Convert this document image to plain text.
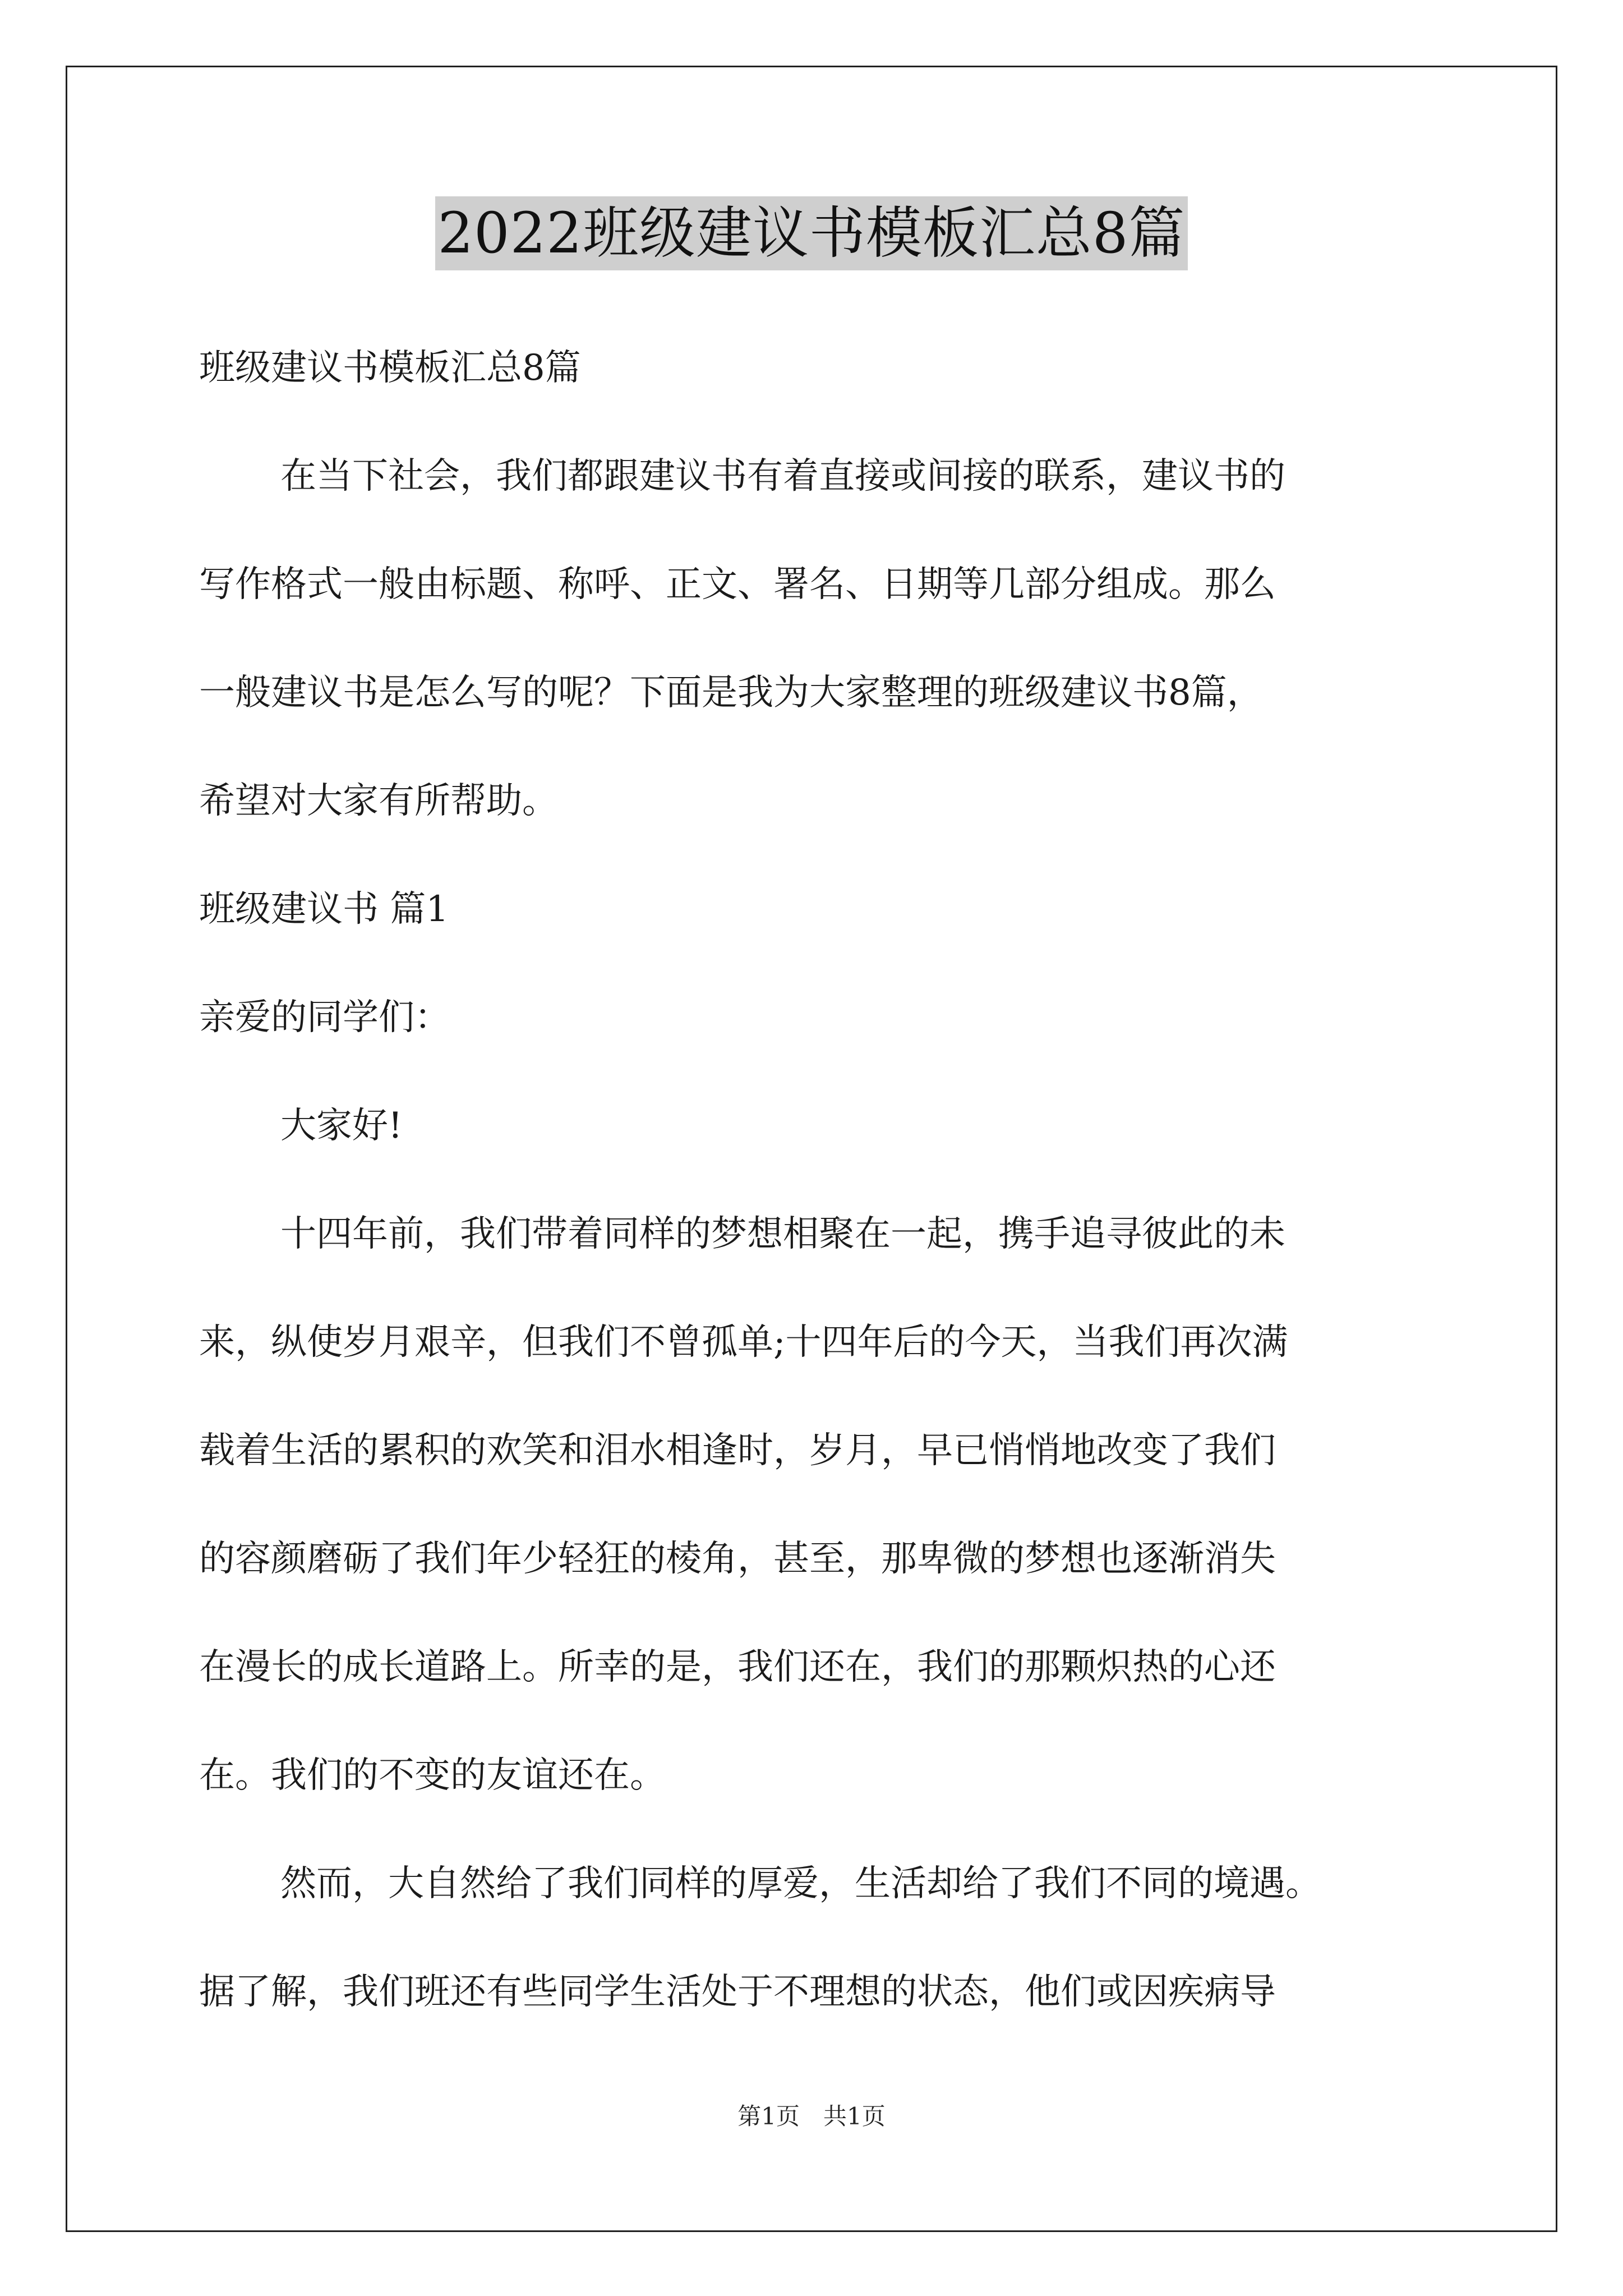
2022班级建议书模板汇总8篇

班级建议书模板汇总8篇

在当下社会，我们都跟建议书有着直接或间接的联系，建议书的

写作格式一般由标题、称呼、正文、署名、日期等几部分组成。那么

一般建议书是怎么写的呢？下面是我为大家整理的班级建议书8篇，

希望对大家有所帮助。

班级建议书 篇1

亲爱的同学们：

大家好!

十四年前，我们带着同样的梦想相聚在一起，携手追寻彼此的未

来，纵使岁月艰辛，但我们不曾孤单;十四年后的今天，当我们再次满

载着生活的累积的欢笑和泪水相逢时，岁月，早已悄悄地改变了我们

的容颜磨砺了我们年少轻狂的棱角，甚至，那卑微的梦想也逐渐消失

在漫长的成长道路上。所幸的是，我们还在，我们的那颗炽热的心还

在。我们的不变的友谊还在。

然而，大自然给了我们同样的厚爱，生活却给了我们不同的境遇。

据了解，我们班还有些同学生活处于不理想的状态，他们或因疾病导

第1页　共1页
